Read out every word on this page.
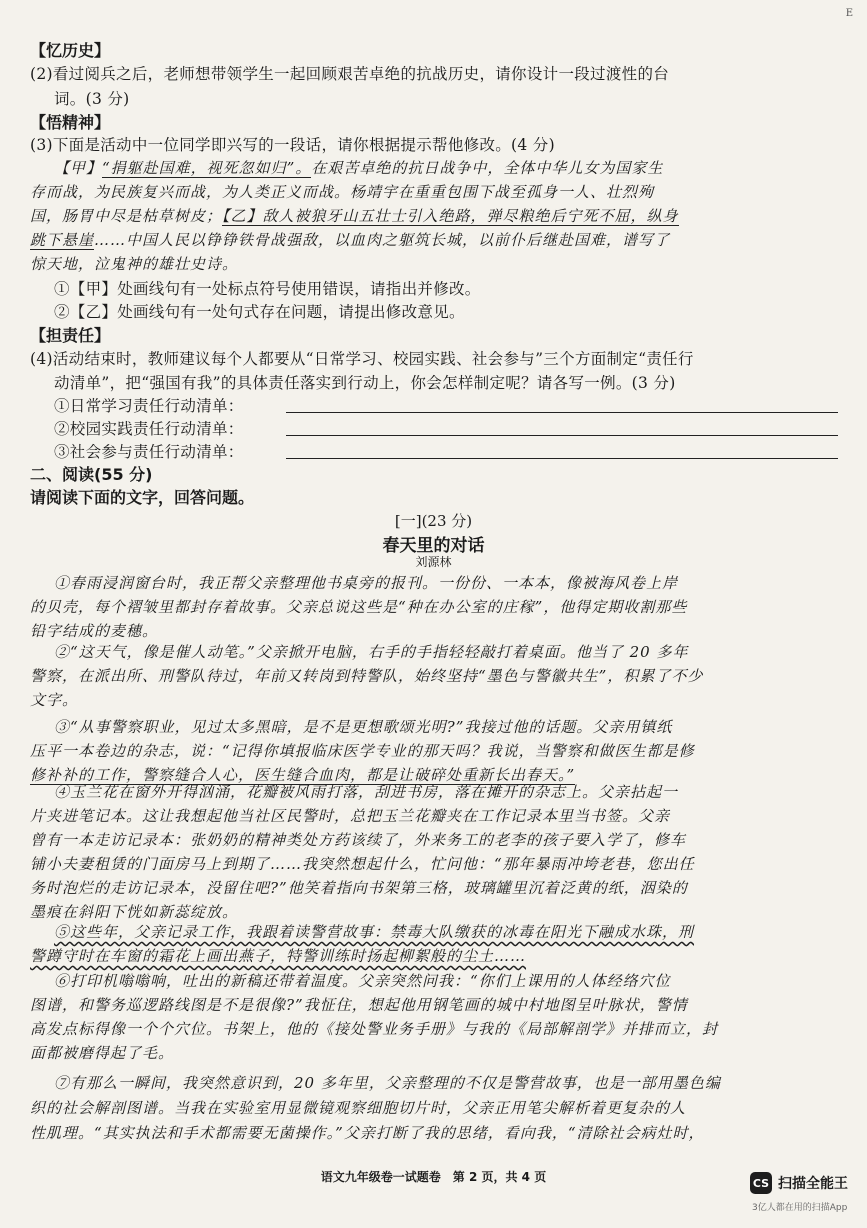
E
【忆历史】
(2)看过阅兵之后，老师想带领学生一起回顾艰苦卓绝的抗战历史，请你设计一段过渡性的台
词。(3 分)
【悟精神】
(3)下面是活动中一位同学即兴写的一段话，请你根据提示帮他修改。(4 分)
【甲】“捐躯赴国难，视死忽如归”。在艰苦卓绝的抗日战争中，全体中华儿女为国家生
存而战，为民族复兴而战，为人类正义而战。杨靖宇在重重包围下战至孤身一人、壮烈殉
国，肠胃中尽是枯草树皮；【乙】敌人被狼牙山五壮士引入绝路，弹尽粮绝后宁死不屈，纵身
跳下悬崖……中国人民以铮铮铁骨战强敌，以血肉之躯筑长城，以前仆后继赴国难，谱写了
惊天地，泣鬼神的雄壮史诗。
①【甲】处画线句有一处标点符号使用错误，请指出并修改。
②【乙】处画线句有一处句式存在问题，请提出修改意见。
【担责任】
(4)活动结束时，教师建议每个人都要从“日常学习、校园实践、社会参与”三个方面制定“责任行
动清单”，把“强国有我”的具体责任落实到行动上，你会怎样制定呢？请各写一例。(3 分)
①日常学习责任行动清单：
②校园实践责任行动清单：
③社会参与责任行动清单：
二、阅读(55 分)
请阅读下面的文字，回答问题。
[一](23 分)
春天里的对话
刘源林
①春雨浸润窗台时，我正帮父亲整理他书桌旁的报刊。一份份、一本本，像被海风卷上岸
的贝壳，每个褶皱里都封存着故事。父亲总说这些是“种在办公室的庄稼”，他得定期收割那些
铅字结成的麦穗。
②“这天气，像是催人动笔。”父亲掀开电脑，右手的手指轻轻敲打着桌面。他当了 20 多年
警察，在派出所、刑警队待过，年前又转岗到特警队，始终坚持“墨色与警徽共生”，积累了不少
文字。
③“从事警察职业，见过太多黑暗，是不是更想歌颂光明?”我接过他的话题。父亲用镇纸
压平一本卷边的杂志，说：“记得你填报临床医学专业的那天吗？我说，当警察和做医生都是修
修补补的工作，警察缝合人心，医生缝合血肉，都是让破碎处重新长出春天。”
④玉兰花在窗外开得汹涌，花瓣被风雨打落，刮进书房，落在摊开的杂志上。父亲拈起一
片夹进笔记本。这让我想起他当社区民警时，总把玉兰花瓣夹在工作记录本里当书签。父亲
曾有一本走访记录本：张奶奶的精神类处方药该续了，外来务工的老李的孩子要入学了，修车
铺小夫妻租赁的门面房马上到期了……我突然想起什么，忙问他：“那年暴雨冲垮老巷，您出任
务时泡烂的走访记录本，没留住吧?”他笑着指向书架第三格，玻璃罐里沉着泛黄的纸，洇染的
墨痕在斜阳下恍如新蕊绽放。
⑤这些年，父亲记录工作，我跟着读警营故事：禁毒大队缴获的冰毒在阳光下融成水珠，刑
警蹲守时在车窗的霜花上画出燕子，特警训练时扬起柳絮般的尘土……
⑥打印机嗡嗡响，吐出的新稿还带着温度。父亲突然问我：“你们上课用的人体经络穴位
图谱，和警务巡逻路线图是不是很像?”我怔住，想起他用钢笔画的城中村地图呈叶脉状，警情
高发点标得像一个个穴位。书架上，他的《接处警业务手册》与我的《局部解剖学》并排而立，封
面都被磨得起了毛。
⑦有那么一瞬间，我突然意识到，20 多年里，父亲整理的不仅是警营故事，也是一部用墨色编
织的社会解剖图谱。当我在实验室用显微镜观察细胞切片时，父亲正用笔尖解析着更复杂的人
性肌理。“其实执法和手术都需要无菌操作。”父亲打断了我的思绪，看向我，“清除社会病灶时，
语文九年级卷一试题卷　第 2 页，共 4 页	CS 扫描全能王
3亿人都在用的扫描App
